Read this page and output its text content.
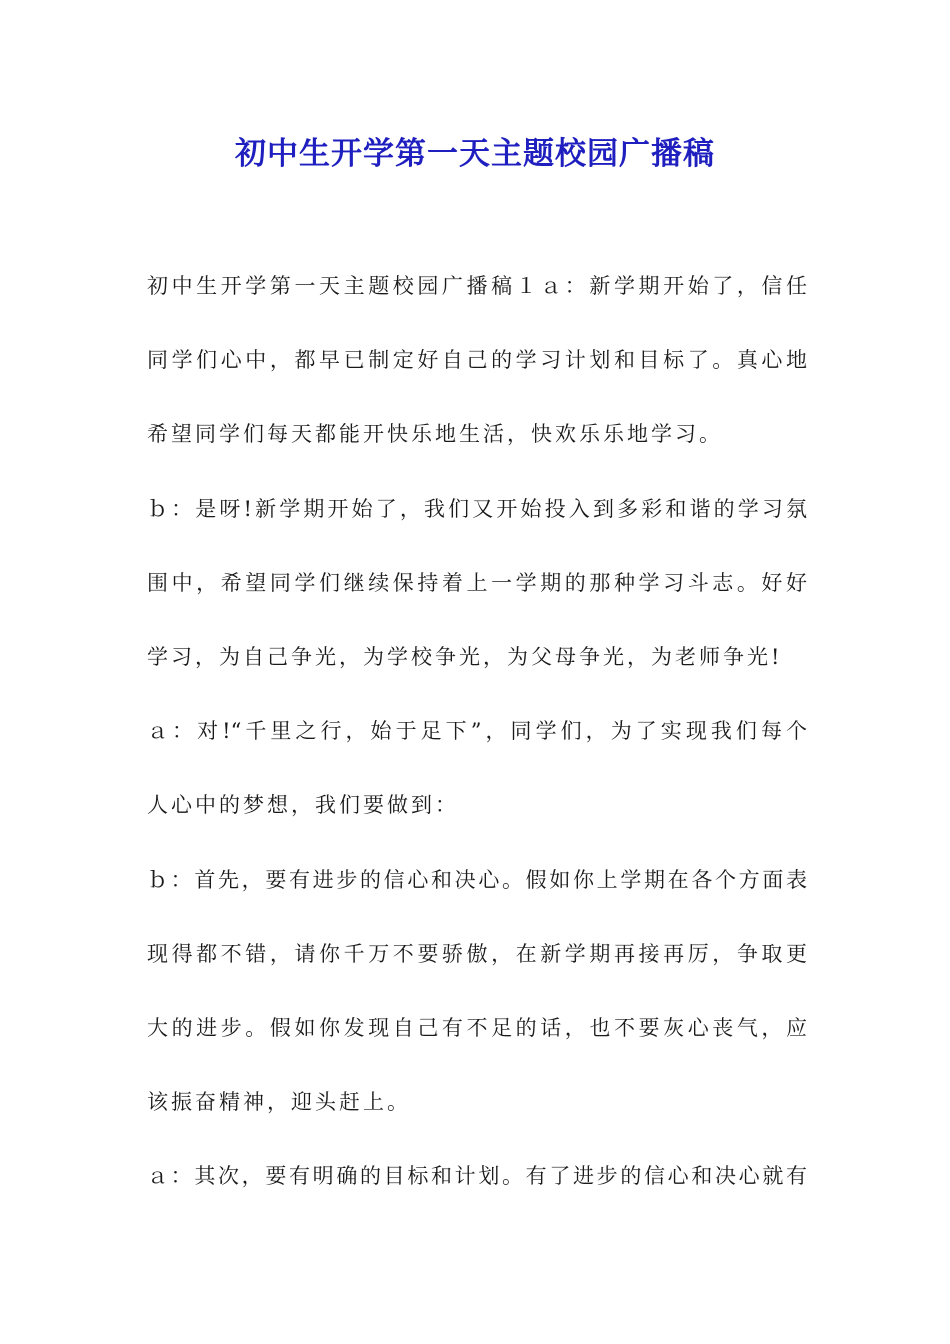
初中生开学第一天主题校园广播稿

初中生开学第一天主题校园广播稿１ａ：新学期开始了，信任

同学们心中，都早已制定好自己的学习计划和目标了。真心地

希望同学们每天都能开快乐地生活，快欢乐乐地学习。

ｂ：是呀!新学期开始了，我们又开始投入到多彩和谐的学习氛

围中，希望同学们继续保持着上一学期的那种学习斗志。好好

学习，为自己争光，为学校争光，为父母争光，为老师争光!

ａ：对!“千里之行，始于足下”，同学们，为了实现我们每个

人心中的梦想，我们要做到：

ｂ：首先，要有进步的信心和决心。假如你上学期在各个方面表

现得都不错，请你千万不要骄傲，在新学期再接再厉，争取更

大的进步。假如你发现自己有不足的话，也不要灰心丧气，应

该振奋精神，迎头赶上。

ａ：其次，要有明确的目标和计划。有了进步的信心和决心就有
